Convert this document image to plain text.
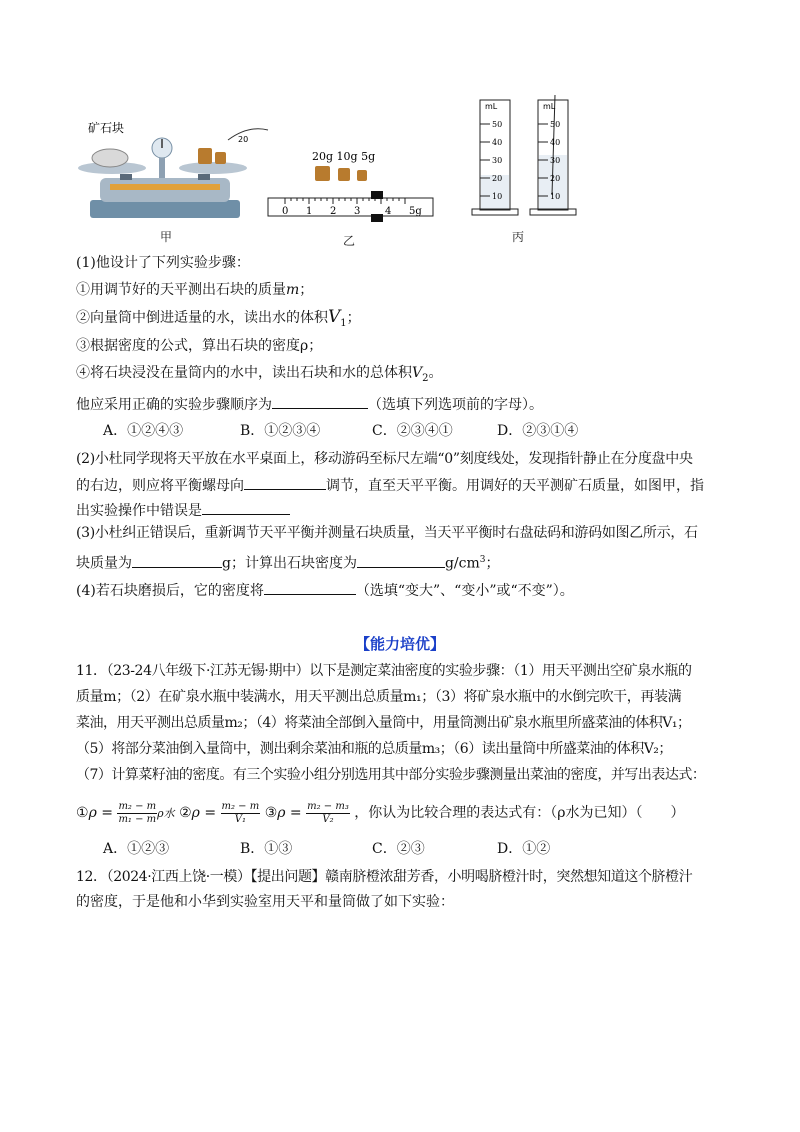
矿石块
20
甲
20g 10g 5g
0 1 2 3 4 5g
乙
mL
50
40
30
20
10
mL
50
40
30
20
10
丙
(1)他设计了下列实验步骤：
①用调节好的天平测出石块的质量m；
②向量筒中倒进适量的水，读出水的体积$V_1$；
③根据密度的公式，算出石块的密度ρ；
④将石块浸没在量筒内的水中，读出石块和水的总体积$V_2$。
他应采用正确的实验步骤顺序为	（选填下列选项前的字母）。
A．①②④③	B．①②③④	C．②③④①	D．②③①④
(2)小杜同学现将天平放在水平桌面上，移动游码至标尺左端“0”刻度线处，发现指针静止在分度盘中央
的右边，则应将平衡螺母向	调节，直至天平平衡。用调好的天平测矿石质量，如图甲，指
出实验操作中错误是
(3)小杜纠正错误后，重新调节天平平衡并测量石块质量，当天平平衡时右盘砝码和游码如图乙所示，石
块质量为	g；计算出石块密度为	$g/cm^3$；
(4)若石块磨损后，它的密度将	（选填“变大”、“变小”或“不变”）。
【能力培优】
11．（23-24八年级下·江苏无锡·期中）以下是测定菜油密度的实验步骤：（1）用天平测出空矿泉水瓶的
质量m；（2）在矿泉水瓶中装满水，用天平测出总质量m₁；（3）将矿泉水瓶中的水倒完吹干，再装满
菜油，用天平测出总质量m₂；（4）将菜油全部倒入量筒中，用量筒测出矿泉水瓶里所盛菜油的体积V₁；
（5）将部分菜油倒入量筒中，测出剩余菜油和瓶的总质量m₃；（6）读出量筒中所盛菜油的体积V₂；
（7）计算菜籽油的密度。有三个实验小组分别选用其中部分实验步骤测量出菜油的密度，并写出表达式：
①ρ = $\frac{\text{m₂ − m}}{\text{m₁ − m}}$ ρ水 ②ρ = $\frac{\text{m₂ − m}}{\text{V₁}}$ ③ρ = $\frac{\text{m₂ − m₃}}{\text{V₂}}$ ，你认为比较合理的表达式有：（ρ水为已知）（　　）
A．①②③	B．①③	C．②③	D．①②
12．（2024·江西上饶·一模）【提出问题】赣南脐橙浓甜芳香，小明喝脐橙汁时，突然想知道这个脐橙汁
的密度，于是他和小华到实验室用天平和量筒做了如下实验：
